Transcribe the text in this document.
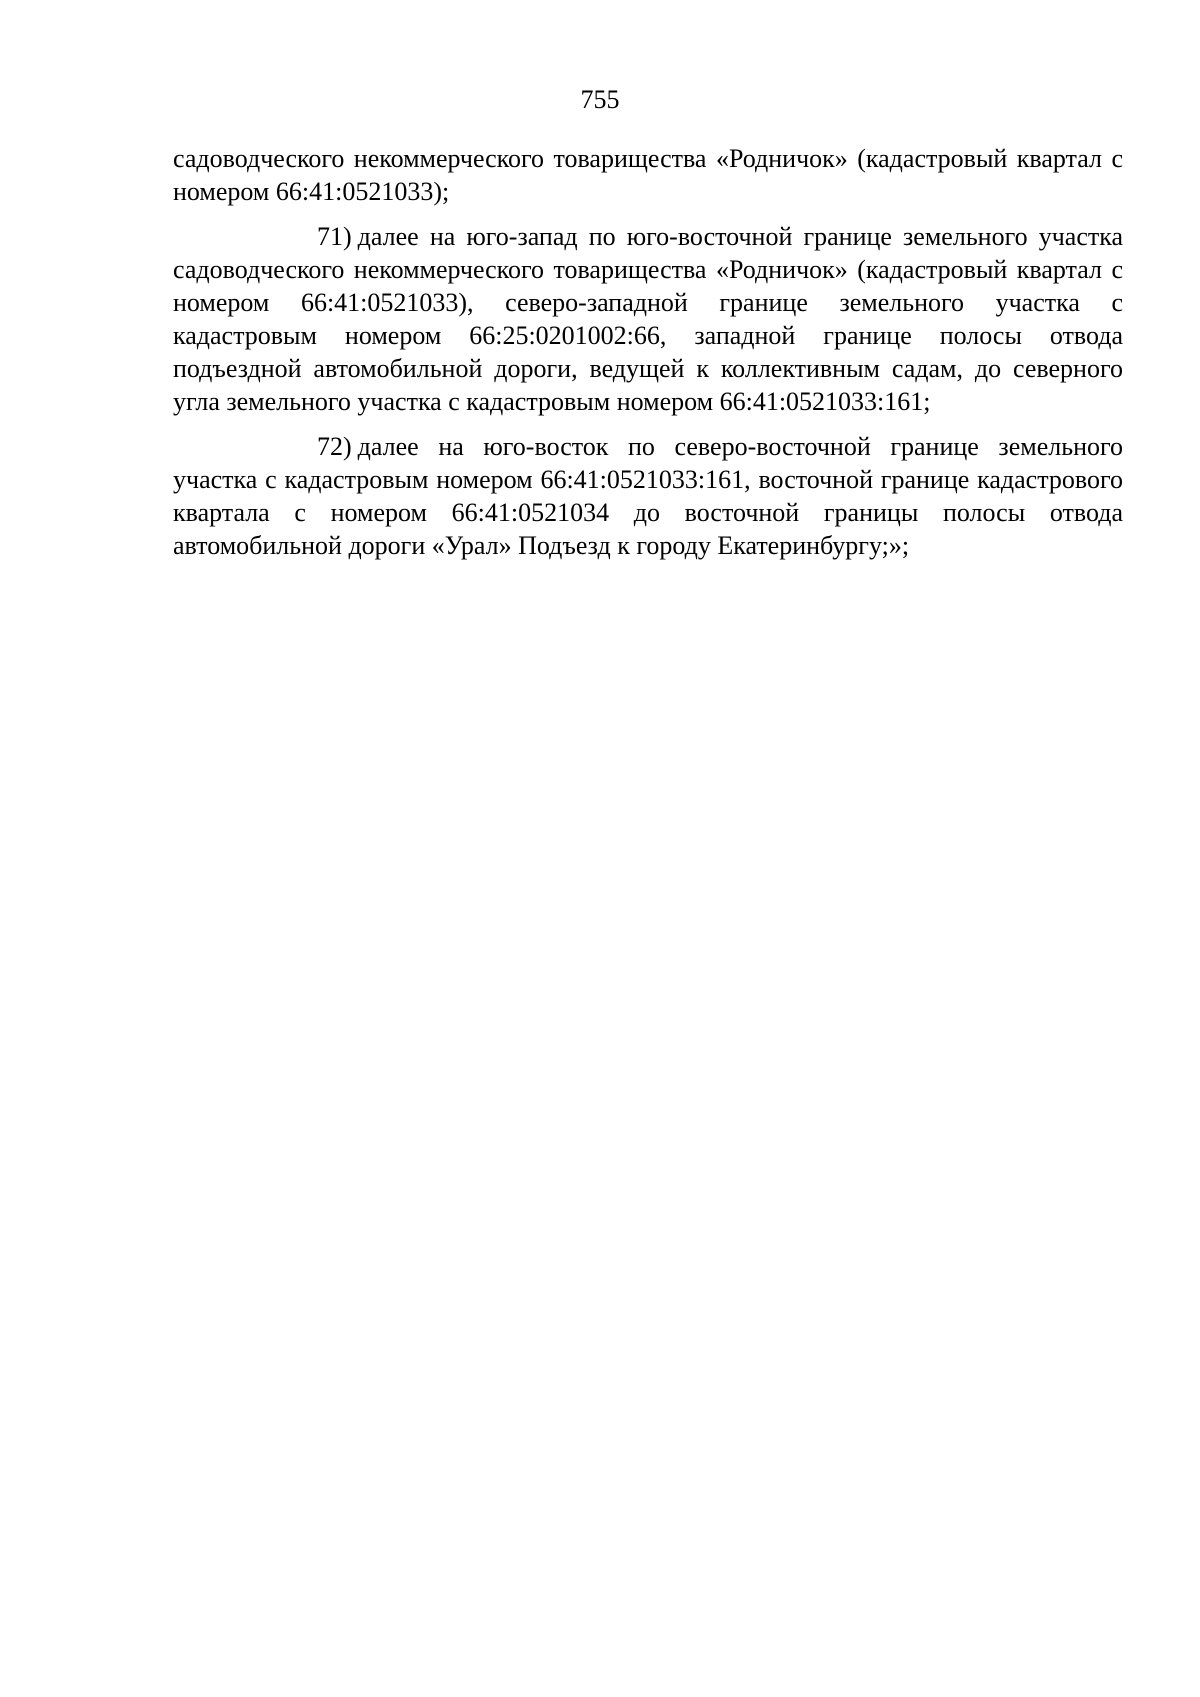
755

садоводческого некоммерческого товарищества «Родничок» (кадастровый квартал с номером 66:41:0521033);

71) далее на юго-запад по юго-восточной границе земельного участка садоводческого некоммерческого товарищества «Родничок» (кадастровый квартал с номером 66:41:0521033), северо-западной границе земельного участка с кадастровым номером 66:25:0201002:66, западной границе полосы отвода подъездной автомобильной дороги, ведущей к коллективным садам, до северного угла земельного участка с кадастровым номером 66:41:0521033:161;

72) далее на юго-восток по северо-восточной границе земельного участка с кадастровым номером 66:41:0521033:161, восточной границе кадастрового квартала с номером 66:41:0521034 до восточной границы полосы отвода автомобильной дороги «Урал» Подъезд к городу Екатеринбургу;»;
